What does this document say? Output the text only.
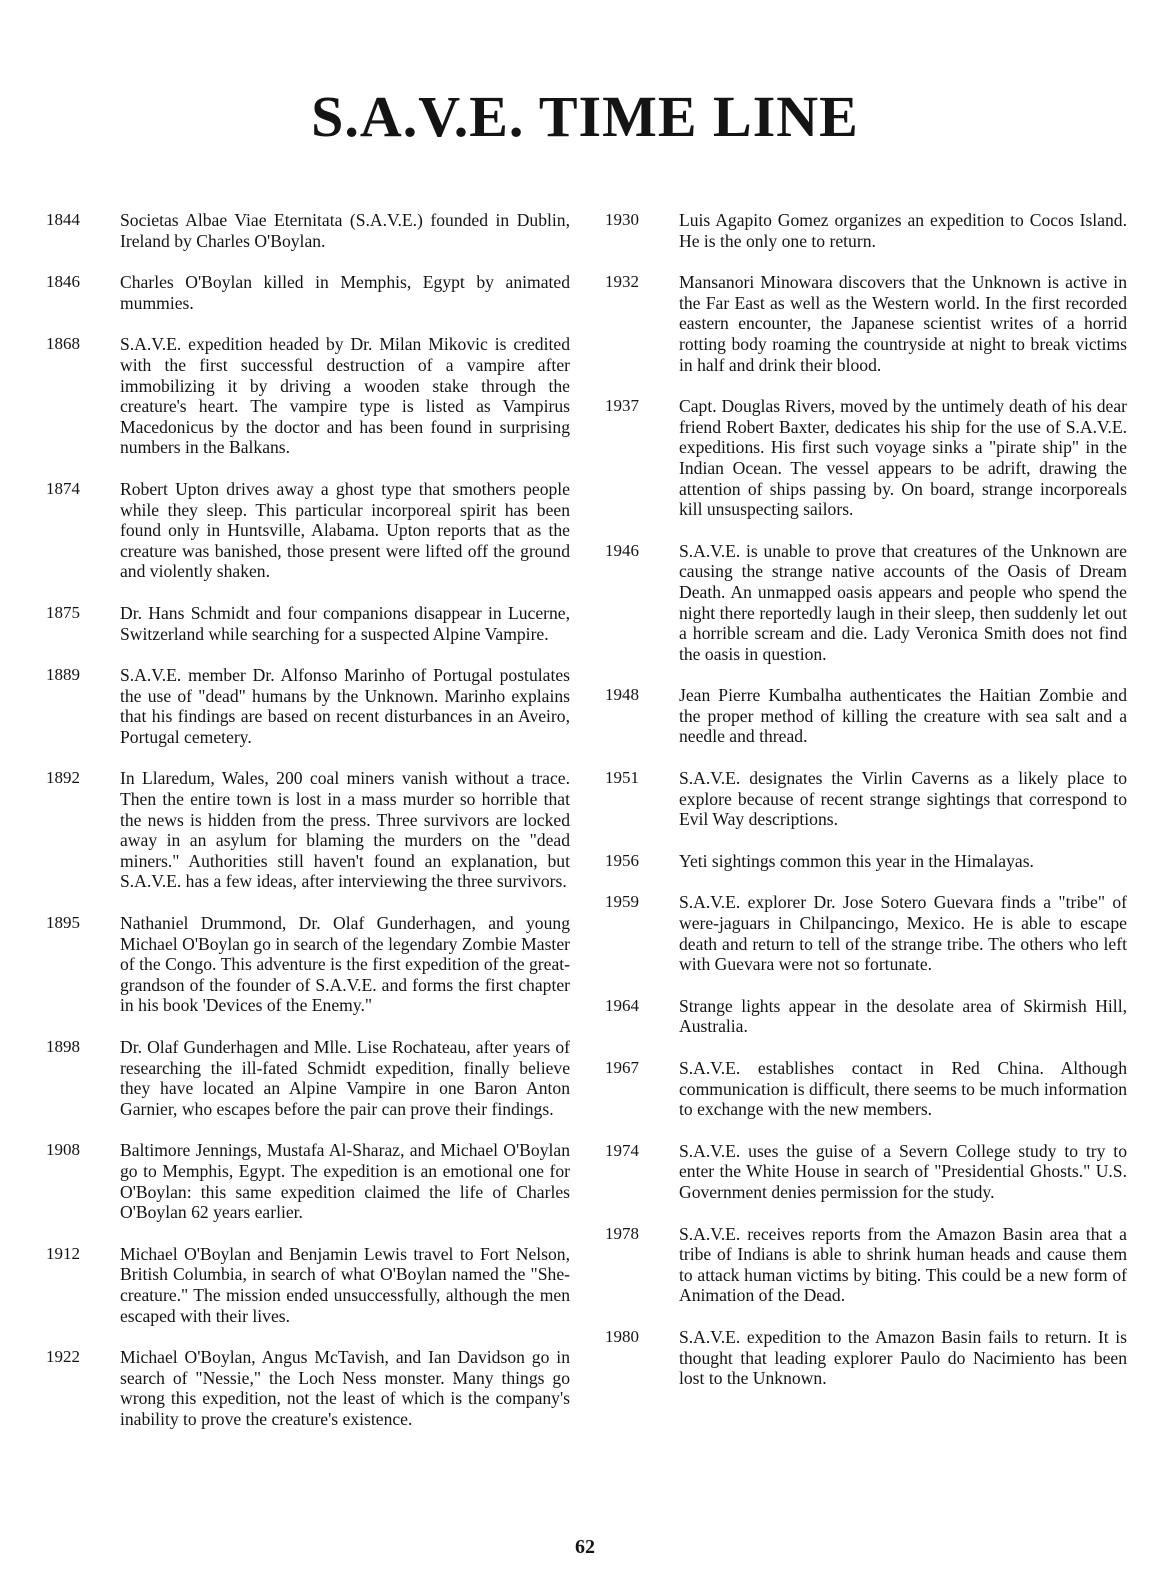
S.A.V.E. TIME LINE
1844	Societas Albae Viae Eternitata (S.A.V.E.) founded in Dublin, Ireland by Charles O'Boylan.
1846	Charles O'Boylan killed in Memphis, Egypt by animated mummies.
1868	S.A.V.E. expedition headed by Dr. Milan Mikovic is credited with the first successful destruction of a vampire after immobilizing it by driving a wooden stake through the creature's heart. The vampire type is listed as Vampirus Macedonicus by the doctor and has been found in surprising numbers in the Balkans.
1874	Robert Upton drives away a ghost type that smothers people while they sleep. This particular incorporeal spirit has been found only in Huntsville, Alabama. Upton reports that as the creature was banished, those present were lifted off the ground and violently shaken.
1875	Dr. Hans Schmidt and four companions disappear in Lucerne, Switzerland while searching for a suspected Alpine Vampire.
1889	S.A.V.E. member Dr. Alfonso Marinho of Portugal postulates the use of "dead" humans by the Unknown. Marinho explains that his findings are based on recent disturbances in an Aveiro, Portugal cemetery.
1892	In Llaredum, Wales, 200 coal miners vanish without a trace. Then the entire town is lost in a mass murder so horrible that the news is hidden from the press. Three survivors are locked away in an asylum for blaming the murders on the "dead miners." Authorities still haven't found an explanation, but S.A.V.E. has a few ideas, after interviewing the three survivors.
1895	Nathaniel Drummond, Dr. Olaf Gunderhagen, and young Michael O'Boylan go in search of the legendary Zombie Master of the Congo. This adventure is the first expedition of the great-grandson of the founder of S.A.V.E. and forms the first chapter in his book 'Devices of the Enemy."
1898	Dr. Olaf Gunderhagen and Mlle. Lise Rochateau, after years of researching the ill-fated Schmidt expedition, finally believe they have located an Alpine Vampire in one Baron Anton Garnier, who escapes before the pair can prove their findings.
1908	Baltimore Jennings, Mustafa Al-Sharaz, and Michael O'Boylan go to Memphis, Egypt. The expedition is an emotional one for O'Boylan: this same expedition claimed the life of Charles O'Boylan 62 years earlier.
1912	Michael O'Boylan and Benjamin Lewis travel to Fort Nelson, British Columbia, in search of what O'Boylan named the "She-creature." The mission ended unsuccessfully, although the men escaped with their lives.
1922	Michael O'Boylan, Angus McTavish, and Ian Davidson go in search of "Nessie," the Loch Ness monster. Many things go wrong this expedition, not the least of which is the company's inability to prove the creature's existence.
1930	Luis Agapito Gomez organizes an expedition to Cocos Island. He is the only one to return.
1932	Mansanori Minowara discovers that the Unknown is active in the Far East as well as the Western world. In the first recorded eastern encounter, the Japanese scientist writes of a horrid rotting body roaming the countryside at night to break victims in half and drink their blood.
1937	Capt. Douglas Rivers, moved by the untimely death of his dear friend Robert Baxter, dedicates his ship for the use of S.A.V.E. expeditions. His first such voyage sinks a "pirate ship" in the Indian Ocean. The vessel appears to be adrift, drawing the attention of ships passing by. On board, strange incorporeals kill unsuspecting sailors.
1946	S.A.V.E. is unable to prove that creatures of the Unknown are causing the strange native accounts of the Oasis of Dream Death. An unmapped oasis appears and people who spend the night there reportedly laugh in their sleep, then suddenly let out a horrible scream and die. Lady Veronica Smith does not find the oasis in question.
1948	Jean Pierre Kumbalha authenticates the Haitian Zombie and the proper method of killing the creature with sea salt and a needle and thread.
1951	S.A.V.E. designates the Virlin Caverns as a likely place to explore because of recent strange sightings that correspond to Evil Way descriptions.
1956	Yeti sightings common this year in the Himalayas.
1959	S.A.V.E. explorer Dr. Jose Sotero Guevara finds a "tribe" of were-jaguars in Chilpancingo, Mexico. He is able to escape death and return to tell of the strange tribe. The others who left with Guevara were not so fortunate.
1964	Strange lights appear in the desolate area of Skirmish Hill, Australia.
1967	S.A.V.E. establishes contact in Red China. Although communication is difficult, there seems to be much information to exchange with the new members.
1974	S.A.V.E. uses the guise of a Severn College study to try to enter the White House in search of "Presidential Ghosts." U.S. Government denies permission for the study.
1978	S.A.V.E. receives reports from the Amazon Basin area that a tribe of Indians is able to shrink human heads and cause them to attack human victims by biting. This could be a new form of Animation of the Dead.
1980	S.A.V.E. expedition to the Amazon Basin fails to return. It is thought that leading explorer Paulo do Nacimiento has been lost to the Unknown.
62
